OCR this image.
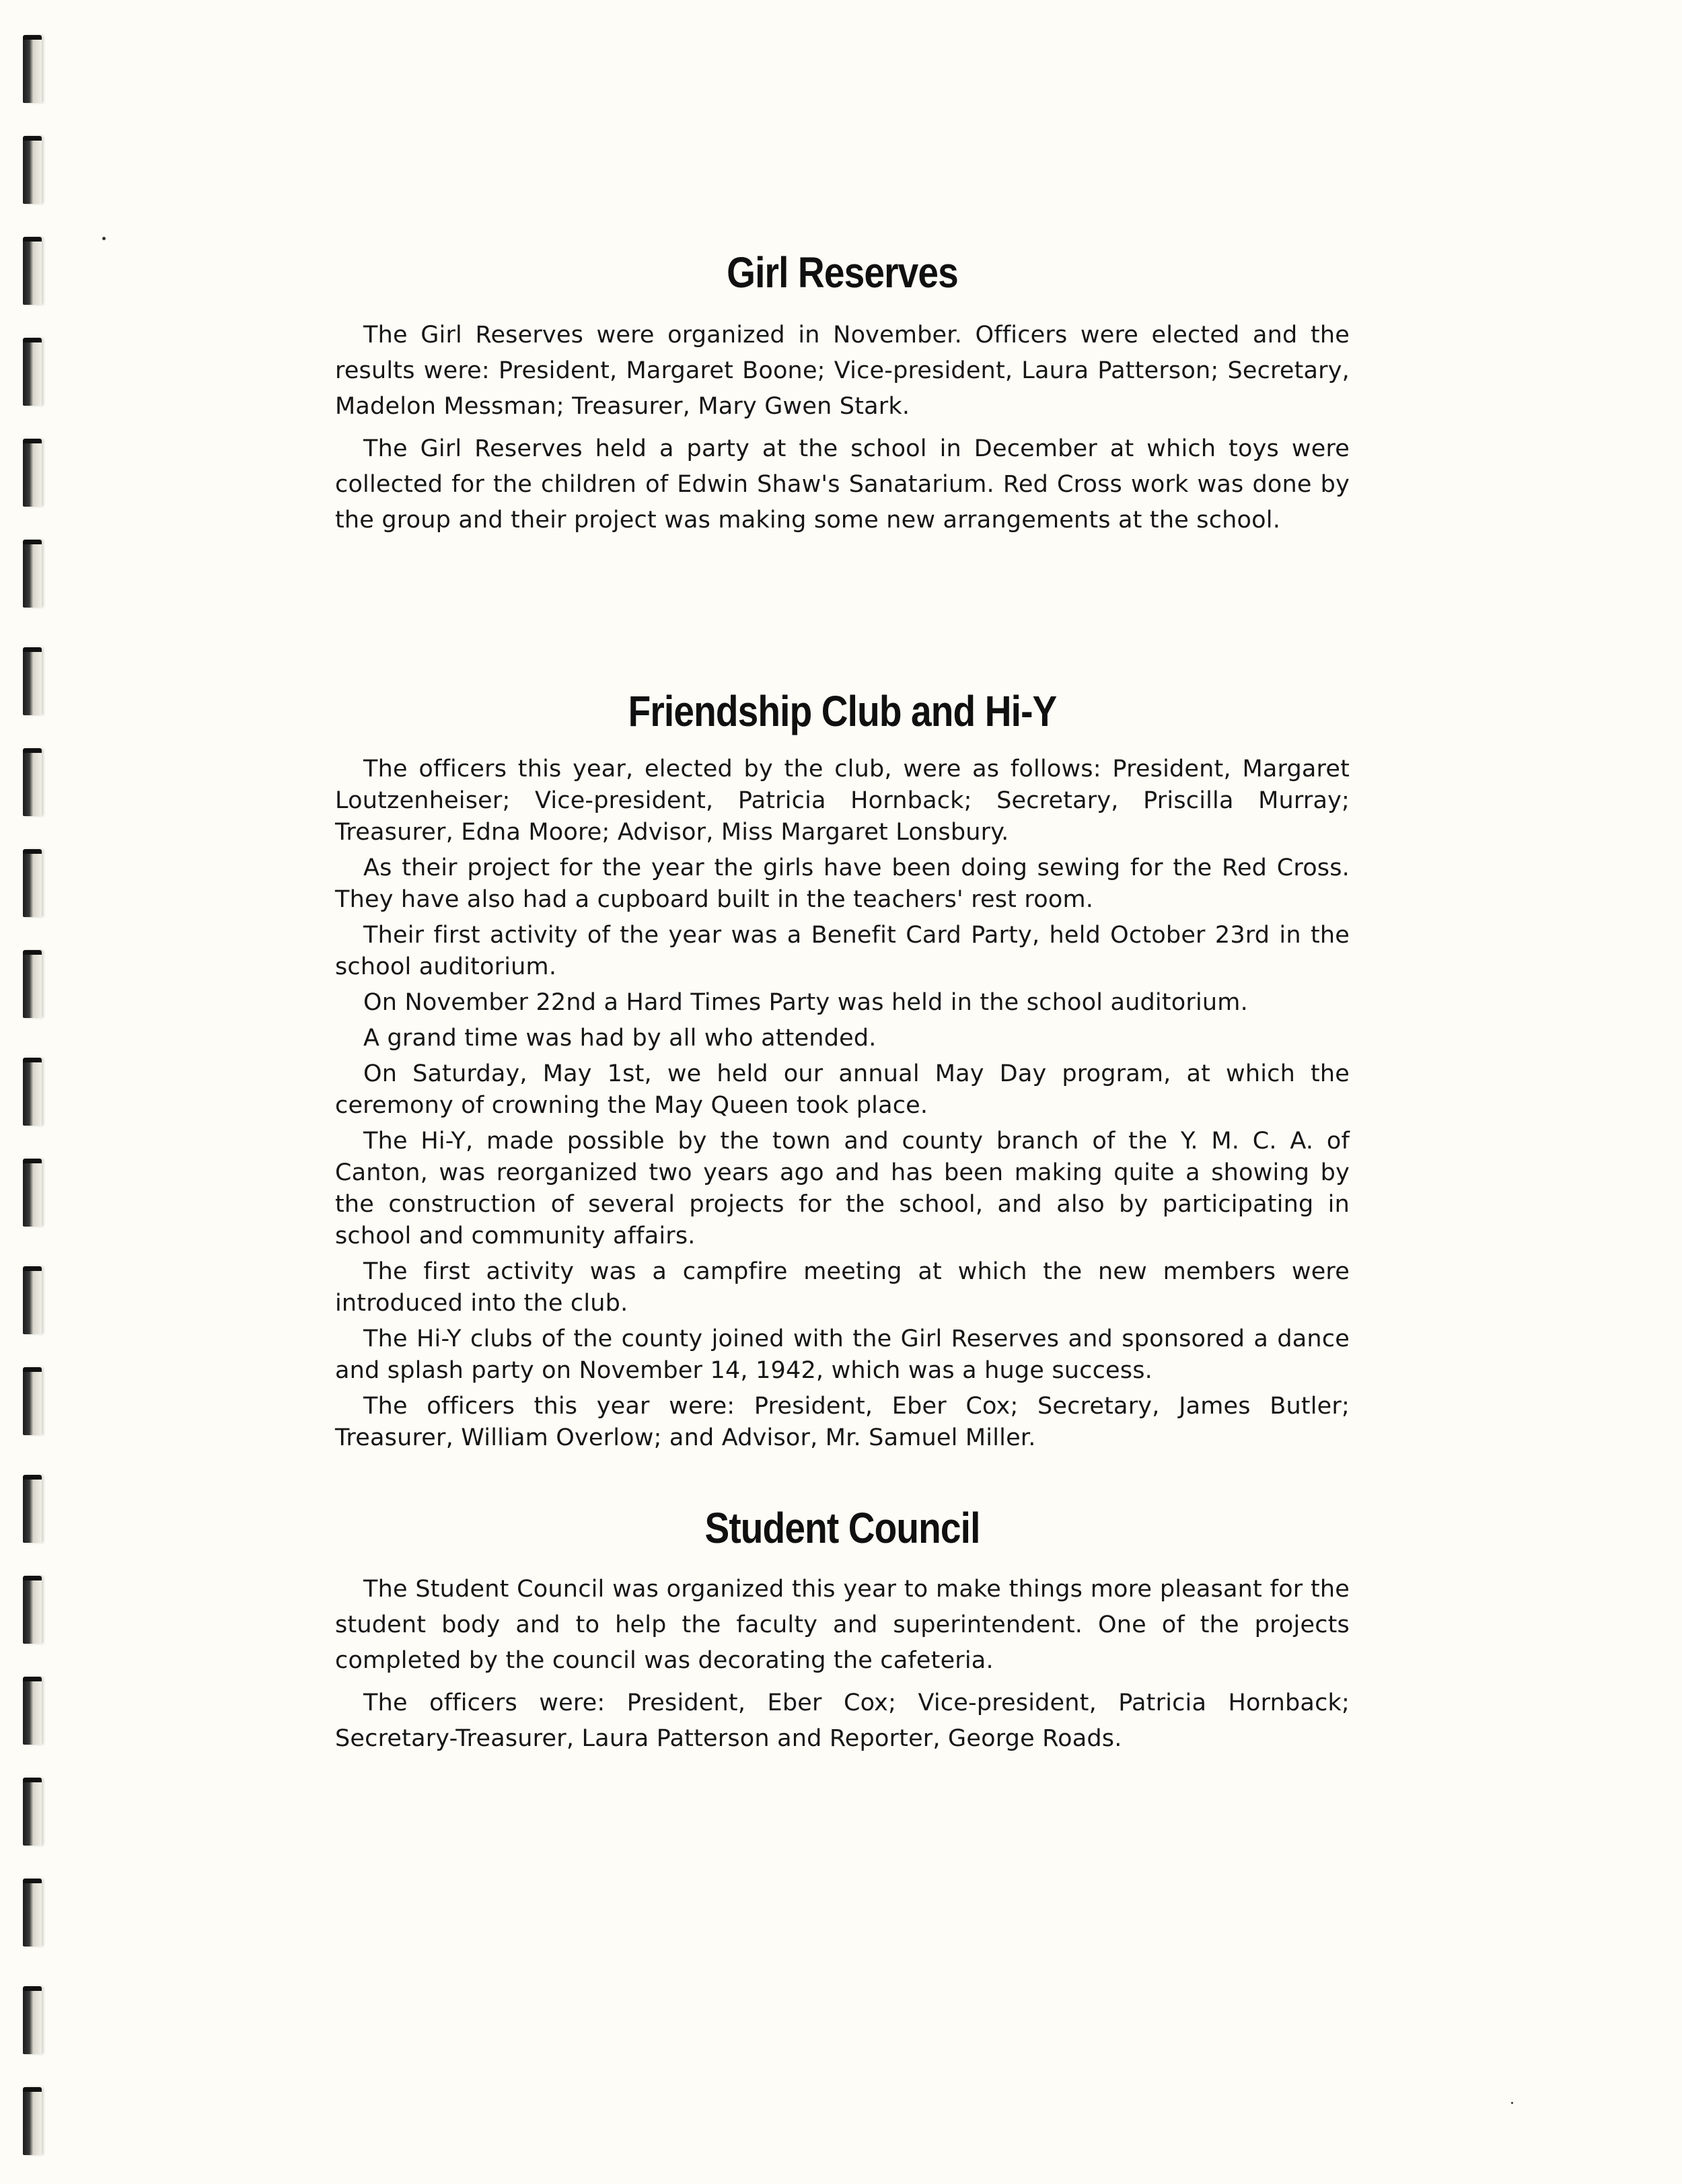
Girl Reserves

The Girl Reserves were organized in November. Officers were elected and the results were: President, Margaret Boone; Vice-president, Laura Patterson; Secretary, Madelon Messman; Treasurer, Mary Gwen Stark.

The Girl Reserves held a party at the school in December at which toys were collected for the children of Edwin Shaw's Sanatarium. Red Cross work was done by the group and their project was making some new arrangements at the school.

Friendship Club and Hi-Y

The officers this year, elected by the club, were as follows: President, Margaret Loutzenheiser; Vice-president, Patricia Hornback; Secretary, Priscilla Murray; Treasurer, Edna Moore; Advisor, Miss Margaret Lonsbury.

As their project for the year the girls have been doing sewing for the Red Cross. They have also had a cupboard built in the teachers' rest room.

Their first activity of the year was a Benefit Card Party, held October 23rd in the school auditorium.

On November 22nd a Hard Times Party was held in the school auditorium.

A grand time was had by all who attended.

On Saturday, May 1st, we held our annual May Day program, at which the ceremony of crowning the May Queen took place.

The Hi-Y, made possible by the town and county branch of the Y. M. C. A. of Canton, was reorganized two years ago and has been making quite a showing by the construction of several projects for the school, and also by participating in school and community affairs.

The first activity was a campfire meeting at which the new members were introduced into the club.

The Hi-Y clubs of the county joined with the Girl Reserves and sponsored a dance and splash party on November 14, 1942, which was a huge success.

The officers this year were: President, Eber Cox; Secretary, James Butler; Treasurer, William Overlow; and Advisor, Mr. Samuel Miller.

Student Council

The Student Council was organized this year to make things more pleasant for the student body and to help the faculty and superintendent. One of the projects completed by the council was decorating the cafeteria.

The officers were: President, Eber Cox; Vice-president, Patricia Hornback; Secretary-Treasurer, Laura Patterson and Reporter, George Roads.
